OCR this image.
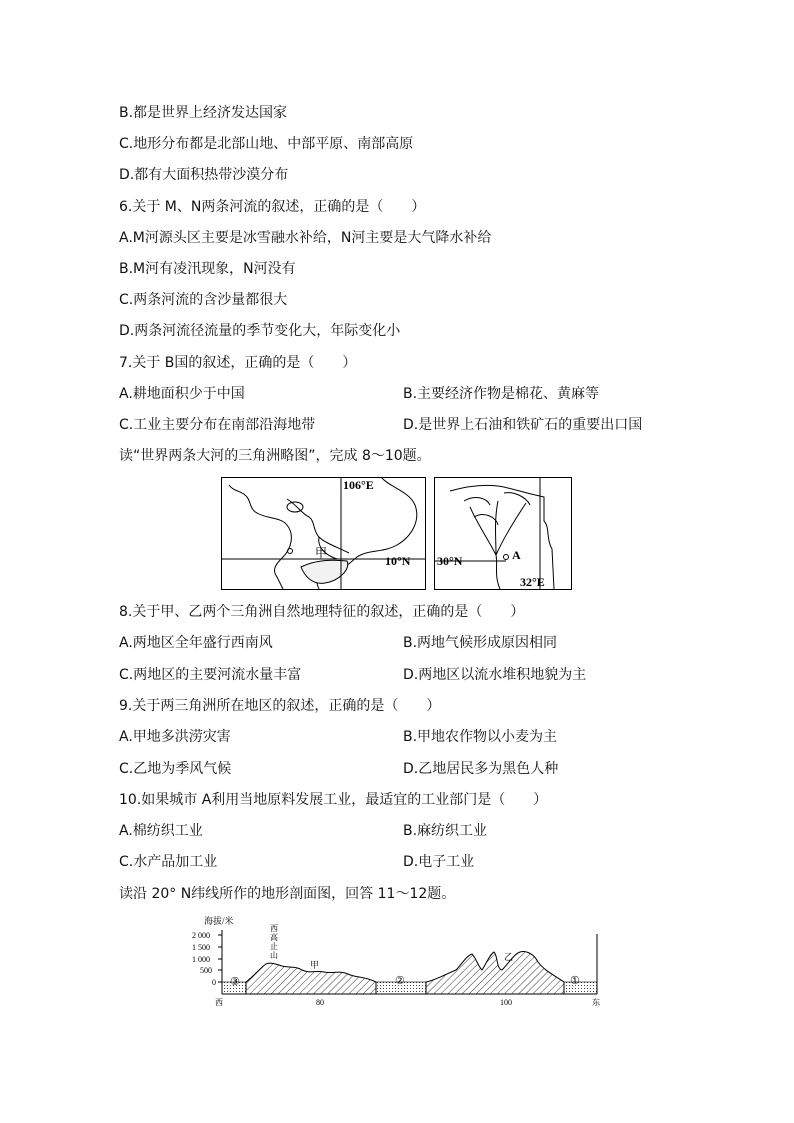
B.都是世界上经济发达国家
C.地形分布都是北部山地、中部平原、南部高原
D.都有大面积热带沙漠分布
6.关于 M、N两条河流的叙述，正确的是（　　）
A.M河源头区主要是冰雪融水补给，N河主要是大气降水补给
B.M河有凌汛现象，N河没有
C.两条河流的含沙量都很大
D.两条河流径流量的季节变化大，年际变化小
7.关于 B国的叙述，正确的是（　　）
A.耕地面积少于中国	B.主要经济作物是棉花、黄麻等
C.工业主要分布在南部沿海地带	D.是世界上石油和铁矿石的重要出口国
读“世界两条大河的三角洲略图”，完成 8～10题。
106°E
10°N
甲	A
30°N
32°E
8.关于甲、乙两个三角洲自然地理特征的叙述，正确的是（　　）
A.两地区全年盛行西南风	B.两地气候形成原因相同
C.两地区的主要河流水量丰富	D.两地区以流水堆积地貌为主
9.关于两三角洲所在地区的叙述，正确的是（　　）
A.甲地多洪涝灾害	B.甲地农作物以小麦为主
C.乙地为季风气候	D.乙地居民多为黑色人种
10.如果城市 A利用当地原料发展工业，最适宜的工业部门是（　　）
A.棉纺织工业	B.麻纺织工业
C.水产品加工业	D.电子工业
读沿 20° N纬线所作的地形剖面图，回答 11～12题。
海拔/米
2 000
1 500
1 000
500
0
西高止山
甲
乙
③	②	①
80	100
西	东
